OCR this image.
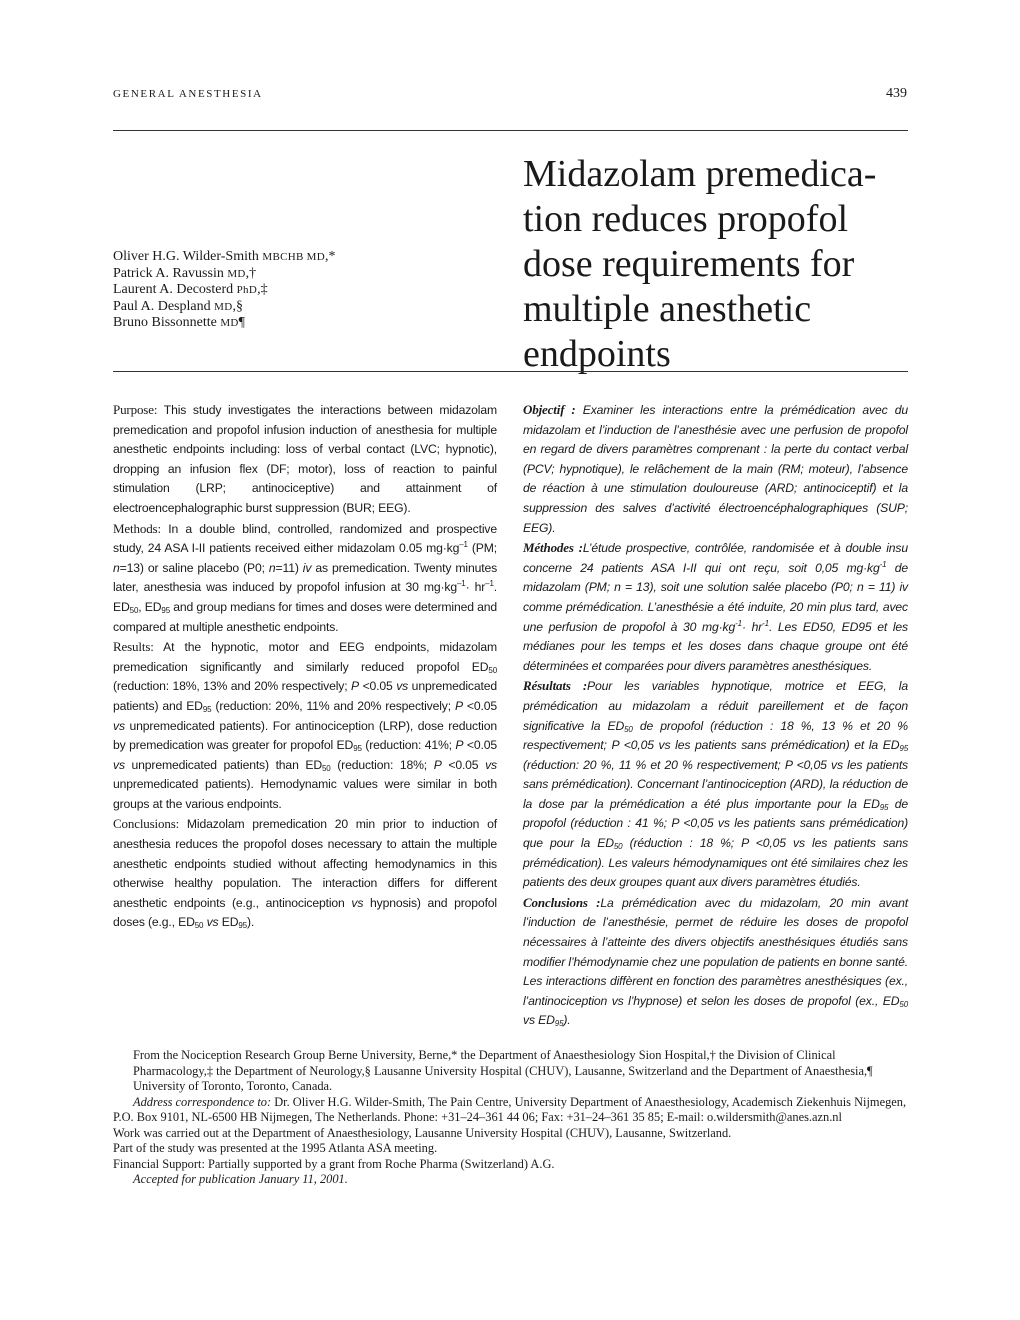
GENERAL ANESTHESIA	439
Midazolam premedica-
tion reduces propofol
dose requirements for
multiple anesthetic
endpoints
Oliver H.G. Wilder-Smith MBCHB MD,*
Patrick A. Ravussin MD,†
Laurent A. Decosterd PhD,‡
Paul A. Despland MD,§
Bruno Bissonnette MD¶

Purpose: This study investigates the interactions between midazolam premedication and propofol infusion induction of anesthesia for multiple anesthetic endpoints including: loss of verbal contact (LVC; hypnotic), dropping an infusion flex (DF; motor), loss of reaction to painful stimulation (LRP; antinociceptive) and attainment of electroencephalographic burst suppression (BUR; EEG).

Methods: In a double blind, controlled, randomized and prospective study, 24 ASA I-II patients received either midazolam 0.05 $mg\cdot kg^{-1}$ (PM; n=13) or saline placebo (P0; n=11) iv as premedication. Twenty minutes later, anesthesia was induced by propofol infusion at 30 $mg\cdot kg^{-1}\cdot hr^{-1}$. $ED_{50}$, $ED_{95}$ and group medians for times and doses were determined and compared at multiple anesthetic endpoints.

Results: At the hypnotic, motor and EEG endpoints, midazolam premedication significantly and similarly reduced propofol $ED_{50}$ (reduction: 18%, 13% and 20% respectively; P <0.05 vs unpremedicated patients) and $ED_{95}$ (reduction: 20%, 11% and 20% respectively; P <0.05 vs unpremedicated patients). For antinociception (LRP), dose reduction by premedication was greater for propofol $ED_{95}$ (reduction: 41%; P <0.05 vs unpremedicated patients) than $ED_{50}$ (reduction: 18%; P <0.05 vs unpremedicated patients). Hemodynamic values were similar in both groups at the various endpoints.

Conclusions: Midazolam premedication 20 min prior to induction of anesthesia reduces the propofol doses necessary to attain the multiple anesthetic endpoints studied without affecting hemodynamics in this otherwise healthy population. The interaction differs for different anesthetic endpoints (e.g., antinociception vs hypnosis) and propofol doses (e.g., $ED_{50}$ vs $ED_{95}$).

Objectif : Examiner les interactions entre la prémédication avec du midazolam et l’induction de l’anesthésie avec une perfusion de propofol en regard de divers paramètres comprenant : la perte du contact verbal (PCV; hypnotique), le relâchement de la main (RM; moteur), l’absence de réaction à une stimulation douloureuse (ARD; antinociceptif) et la suppression des salves d’activité électroencéphalographiques (SUP; EEG).

Méthodes :L’étude prospective, contrôlée, randomisée et à double insu concerne 24 patients ASA I-II qui ont reçu, soit 0,05 $mg\cdot kg^{-1}$ de midazolam (PM; n = 13), soit une solution salée placebo (P0; n = 11) iv comme prémédication. L’anesthésie a été induite, 20 min plus tard, avec une perfusion de propofol à 30 $mg\cdot kg^{-1}\cdot hr^{-1}$. Les ED50, ED95 et les médianes pour les temps et les doses dans chaque groupe ont été déterminées et comparées pour divers paramètres anesthésiques.

Résultats :Pour les variables hypnotique, motrice et EEG, la prémédication au midazolam a réduit pareillement et de façon significative la $ED_{50}$ de propofol (réduction : 18 %, 13 % et 20 % respectivement; P <0,05 vs les patients sans prémédication) et la $ED_{95}$ (réduction: 20 %, 11 % et 20 % respectivement; P <0,05 vs les patients sans prémédication). Concernant l’antinociception (ARD), la réduction de la dose par la prémédication a été plus importante pour la $ED_{95}$ de propofol (réduction : 41 %; P <0,05 vs les patients sans prémédication) que pour la $ED_{50}$ (réduction : 18 %; P <0,05 vs les patients sans prémédication). Les valeurs hémodynamiques ont été similaires chez les patients des deux groupes quant aux divers paramètres étudiés.

Conclusions :La prémédication avec du midazolam, 20 min avant l’induction de l’anesthésie, permet de réduire les doses de propofol nécessaires à l’atteinte des divers objectifs anesthésiques étudiés sans modifier l’hémodynamie chez une population de patients en bonne santé. Les interactions diffèrent en fonction des paramètres anesthésiques (ex., l’antinociception vs l’hypnose) et selon les doses de propofol (ex., $ED_{50}$ vs $ED_{95}$).

From the Nociception Research Group Berne University, Berne,* the Department of Anaesthesiology Sion Hospital,† the Division of Clinical Pharmacology,‡ the Department of Neurology,§ Lausanne University Hospital (CHUV), Lausanne, Switzerland and the Department of Anaesthesia,¶ University of Toronto, Toronto, Canada.

Address correspondence to: Dr. Oliver H.G. Wilder-Smith, The Pain Centre, University Department of Anaesthesiology, Academisch Ziekenhuis Nijmegen, P.O. Box 9101, NL-6500 HB Nijmegen, The Netherlands. Phone: +31–24–361 44 06; Fax: +31–24–361 35 85; E-mail: o.wildersmith@anes.azn.nl

Work was carried out at the Department of Anaesthesiology, Lausanne University Hospital (CHUV), Lausanne, Switzerland.

Part of the study was presented at the 1995 Atlanta ASA meeting.

Financial Support: Partially supported by a grant from Roche Pharma (Switzerland) A.G.

Accepted for publication January 11, 2001.
